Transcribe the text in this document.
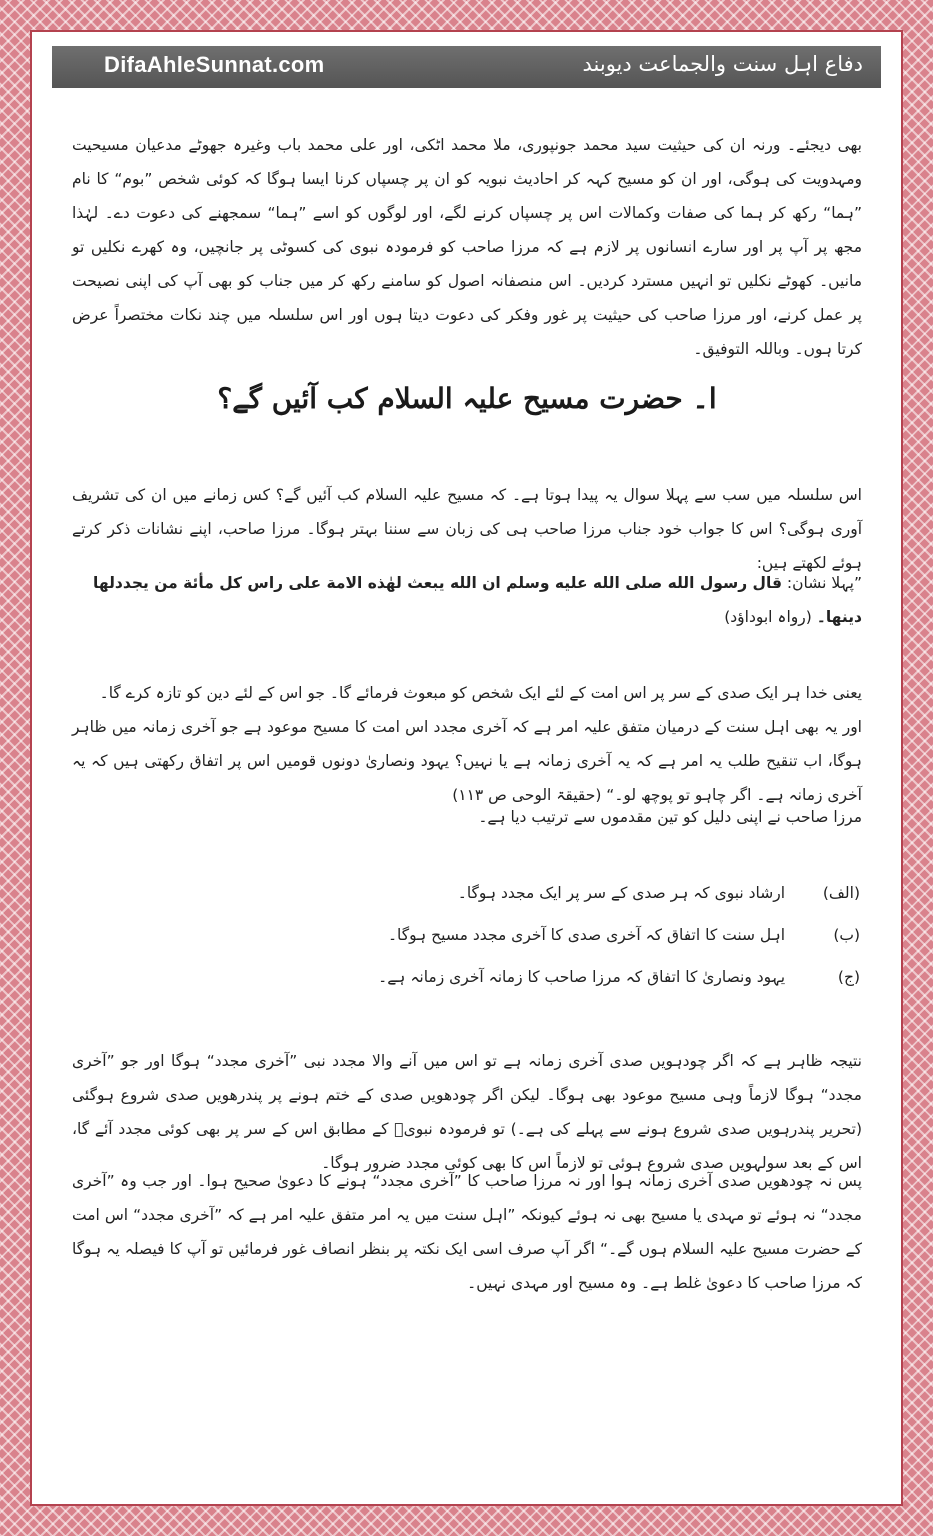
DifaAhleSunnat.com	دفاع اہل سنت والجماعت دیوبند

بھی دیجئے۔ ورنہ ان کی حیثیت سید محمد جونپوری، ملا محمد اٹکی، اور علی محمد باب وغیرہ جھوٹے مدعیان مسیحیت ومہدویت کی ہوگی، اور ان کو مسیح کہہ کر احادیث نبویہ کو ان پر چسپاں کرنا ایسا ہوگا کہ کوئی شخص ”بوم“ کا نام ”ہما“ رکھ کر ہما کی صفات وکمالات اس پر چسپاں کرنے لگے، اور لوگوں کو اسے ”ہما“ سمجھنے کی دعوت دے۔ لہٰذا مجھ پر آپ پر اور سارے انسانوں پر لازم ہے کہ مرزا صاحب کو فرمودہ نبوی کی کسوٹی پر جانچیں، وہ کھرے نکلیں تو مانیں۔ کھوٹے نکلیں تو انہیں مسترد کردیں۔ اس منصفانہ اصول کو سامنے رکھ کر میں جناب کو بھی آپ کی اپنی نصیحت پر عمل کرنے، اور مرزا صاحب کی حیثیت پر غور وفکر کی دعوت دیتا ہوں اور اس سلسلہ میں چند نکات مختصراً عرض کرتا ہوں۔ وباللہ التوفیق۔

ا۔ حضرت مسیح علیہ السلام کب آئیں گے؟

اس سلسلہ میں سب سے پہلا سوال یہ پیدا ہوتا ہے۔ کہ مسیح علیہ السلام کب آئیں گے؟ کس زمانے میں ان کی تشریف آوری ہوگی؟ اس کا جواب خود جناب مرزا صاحب ہی کی زبان سے سننا بہتر ہوگا۔ مرزا صاحب، اپنے نشانات ذکر کرتے ہوئے لکھتے ہیں:

”پہلا نشان: قال رسول الله صلى الله عليه وسلم ان الله يبعث لهٰذه الامة على راس كل مأئة من يجددلها دينها۔ (رواہ ابوداؤد)

یعنی خدا ہر ایک صدی کے سر پر اس امت کے لئے ایک شخص کو مبعوث فرمائے گا۔ جو اس کے لئے دین کو تازہ کرے گا۔

اور یہ بھی اہل سنت کے درمیان متفق علیہ امر ہے کہ آخری مجدد اس امت کا مسیح موعود ہے جو آخری زمانہ میں ظاہر ہوگا، اب تنقیح طلب یہ امر ہے کہ یہ آخری زمانہ ہے یا نہیں؟ یہود ونصاریٰ دونوں قومیں اس پر اتفاق رکھتی ہیں کہ یہ آخری زمانہ ہے۔ اگر چاہو تو پوچھ لو۔“ (حقیقۃ الوحی ص ۱۱۳)

مرزا صاحب نے اپنی دلیل کو تین مقدموں سے ترتیب دیا ہے۔

(الف) ارشاد نبوی کہ ہر صدی کے سر پر ایک مجدد ہوگا۔
(ب) اہل سنت کا اتفاق کہ آخری صدی کا آخری مجدد مسیح ہوگا۔
(ج) یہود ونصاریٰ کا اتفاق کہ مرزا صاحب کا زمانہ آخری زمانہ ہے۔

نتیجہ ظاہر ہے کہ اگر چودہویں صدی آخری زمانہ ہے تو اس میں آنے والا مجدد نبی ”آخری مجدد“ ہوگا اور جو ”آخری مجدد“ ہوگا لازماً وہی مسیح موعود بھی ہوگا۔ لیکن اگر چودھویں صدی کے ختم ہونے پر پندرھویں صدی شروع ہوگئی (تحریر پندرہویں صدی شروع ہونے سے پہلے کی ہے۔) تو فرمودہ نبویؐ کے مطابق اس کے سر پر بھی کوئی مجدد آئے گا، اس کے بعد سولہویں صدی شروع ہوئی تو لازماً اس کا بھی کوئی مجدد ضرور ہوگا۔

پس نہ چودھویں صدی آخری زمانہ ہوا اور نہ مرزا صاحب کا ”آخری مجدد“ ہونے کا دعویٰ صحیح ہوا۔ اور جب وہ ”آخری مجدد“ نہ ہوئے تو مہدی یا مسیح بھی نہ ہوئے کیونکہ ”اہل سنت میں یہ امر متفق علیہ امر ہے کہ ”آخری مجدد“ اس امت کے حضرت مسیح علیہ السلام ہوں گے۔“ اگر آپ صرف اسی ایک نکتہ پر بنظر انصاف غور فرمائیں تو آپ کا فیصلہ یہ ہوگا کہ مرزا صاحب کا دعویٰ غلط ہے۔ وہ مسیح اور مہدی نہیں۔
